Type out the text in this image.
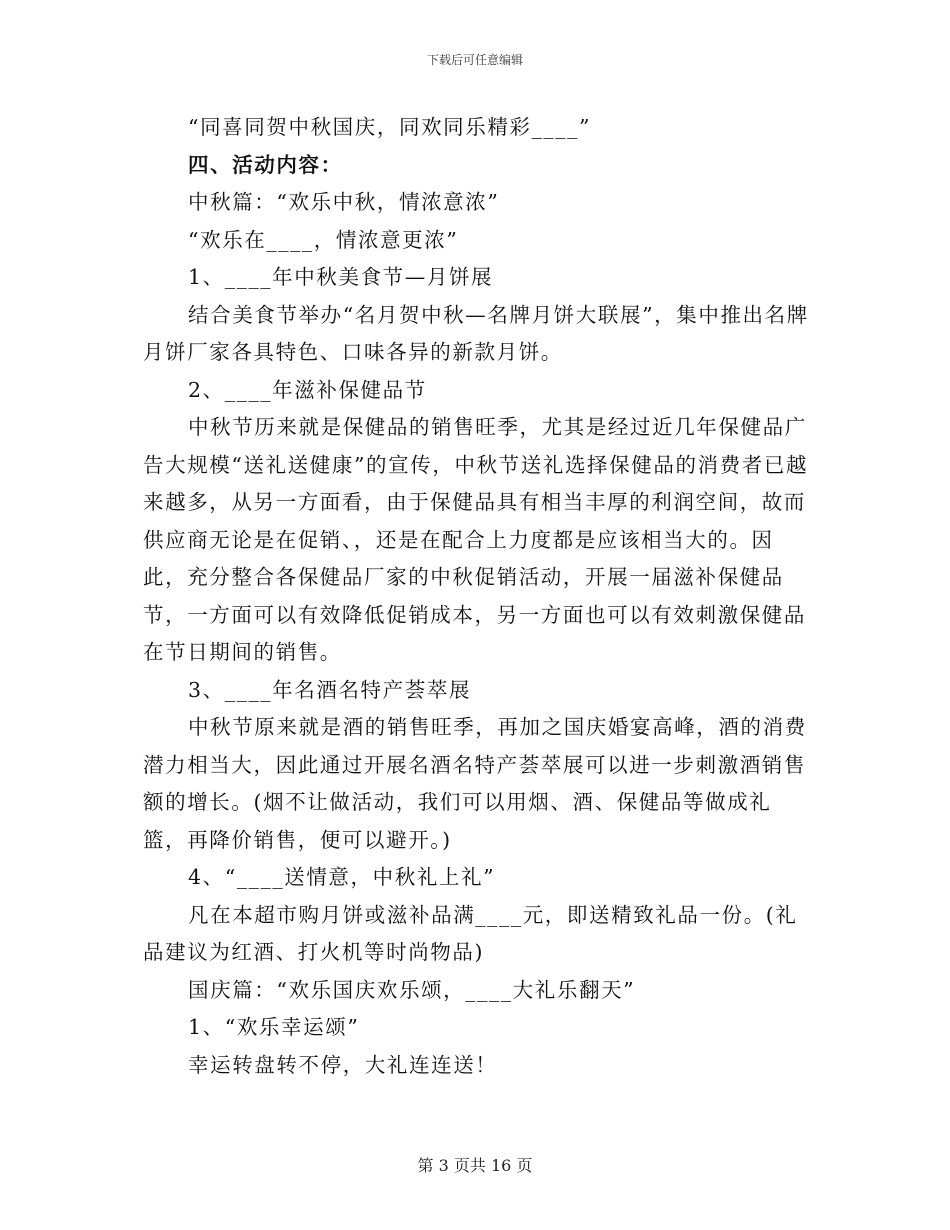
下载后可任意编辑

“同喜同贺中秋国庆，同欢同乐精彩____”

四、活动内容：

中秋篇：“欢乐中秋，情浓意浓”

“欢乐在____，情浓意更浓”

1、____年中秋美食节—月饼展

结合美食节举办“名月贺中秋—名牌月饼大联展”，集中推出名牌月饼厂家各具特色、口味各异的新款月饼。

2、____年滋补保健品节

中秋节历来就是保健品的销售旺季，尤其是经过近几年保健品广告大规模“送礼送健康”的宣传，中秋节送礼选择保健品的消费者已越来越多，从另一方面看，由于保健品具有相当丰厚的利润空间，故而供应商无论是在促销、，还是在配合上力度都是应该相当大的。因此，充分整合各保健品厂家的中秋促销活动，开展一届滋补保健品节，一方面可以有效降低促销成本，另一方面也可以有效刺激保健品在节日期间的销售。

3、____年名酒名特产荟萃展

中秋节原来就是酒的销售旺季，再加之国庆婚宴高峰，酒的消费潜力相当大，因此通过开展名酒名特产荟萃展可以进一步刺激酒销售额的增长。(烟不让做活动，我们可以用烟、酒、保健品等做成礼篮，再降价销售，便可以避开。)

4、“____送情意，中秋礼上礼”

凡在本超市购月饼或滋补品满____元，即送精致礼品一份。(礼品建议为红酒、打火机等时尚物品)

国庆篇：“欢乐国庆欢乐颂，____大礼乐翻天”

1、“欢乐幸运颂”

幸运转盘转不停，大礼连连送！

第 3 页共 16 页
